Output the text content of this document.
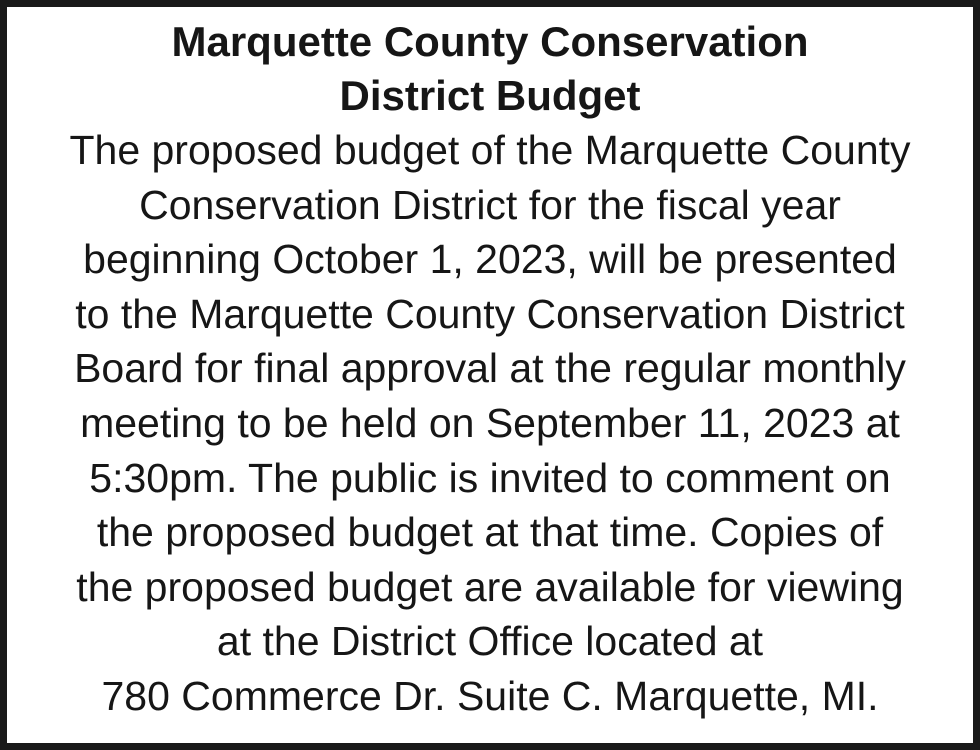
Marquette County Conservation
District Budget

The proposed budget of the Marquette County
Conservation District for the fiscal year
beginning October 1, 2023, will be presented
to the Marquette County Conservation District
Board for final approval at the regular monthly
meeting to be held on September 11, 2023 at
5:30pm. The public is invited to comment on
the proposed budget at that time. Copies of
the proposed budget are available for viewing
at the District Office located at
780 Commerce Dr. Suite C. Marquette, MI.
